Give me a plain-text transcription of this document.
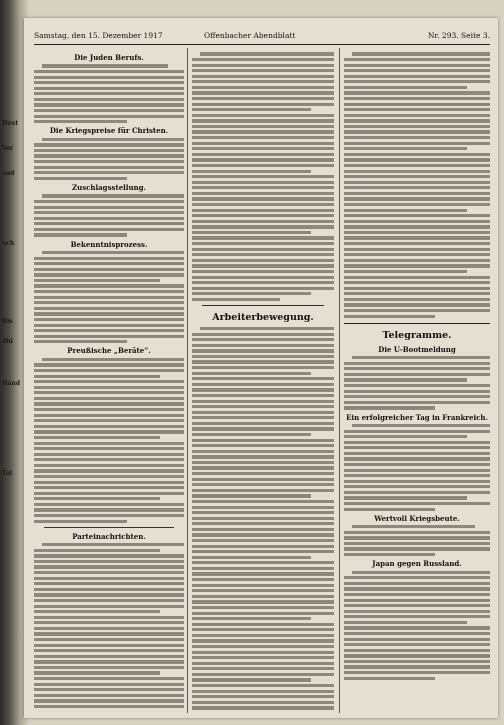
Deut
Ver
nad
uch
Bis
dhi
Hand
Tot
Samstag, den 15. Dezember 1917	Offenbacher Abendblatt	Nr. 293. Seite 3.
Die Juden Berufs.
Die Kriegspreise für Christen.
Zuschlagsstellung.
Bekenntnisprozess.
Preußische „Beräte”.
Parteinachrichten.
Arbeiterbewegung.
Telegramme.
Die U-Bootmeldung
Ein erfolgreicher Tag in Frankreich.
Wertvoll Kriegsbeute.
Japan gegen Russland.
